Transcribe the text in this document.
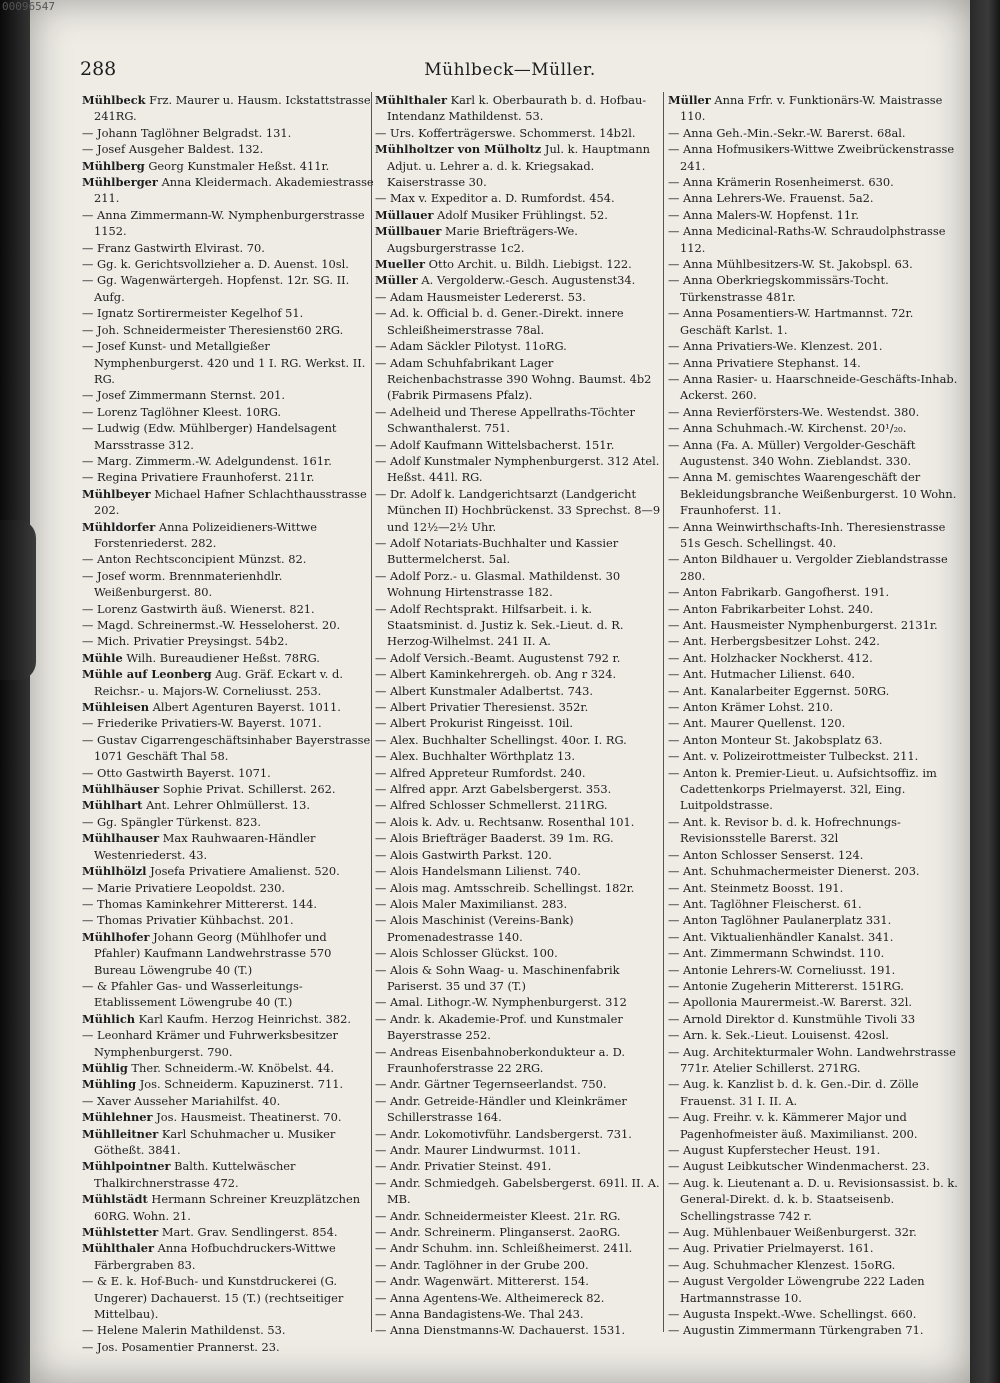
00096547
288	Mühlbeck—Müller.

Mühlbeck Frz. Maurer u. Hausm. Ickstattstrasse 241RG.

— Johann Taglöhner Belgradst. 131.

— Josef Ausgeher Baldest. 132.

Mühlberg Georg Kunstmaler Heßst. 411r.

Mühlberger Anna Kleidermach. Akademiestrasse 211.

— Anna Zimmermann-W. Nymphenburgerstrasse 1152.

— Franz Gastwirth Elvirast. 70.

— Gg. k. Gerichtsvollzieher a. D. Auenst. 10sl.

— Gg. Wagenwärtergeh. Hopfenst. 12r. SG. II. Aufg.

— Ignatz Sortirermeister Kegelhof 51.

— Joh. Schneidermeister Theresienst60 2RG.

— Josef Kunst- und Metallgießer Nymphenburgerst. 420 und 1 I. RG. Werkst. II. RG.

— Josef Zimmermann Sternst. 201.

— Lorenz Taglöhner Kleest. 10RG.

— Ludwig (Edw. Mühlberger) Handelsagent Marsstrasse 312.

— Marg. Zimmerm.-W. Adelgundenst. 161r.

— Regina Privatiere Fraunhoferst. 211r.

Mühlbeyer Michael Hafner Schlachthausstrasse 202.

Mühldorfer Anna Polizeidieners-Wittwe Forstenriederst. 282.

— Anton Rechtsconcipient Münzst. 82.

— Josef worm. Brennmaterienhdlr. Weißenburgerst. 80.

— Lorenz Gastwirth äuß. Wienerst. 821.

— Magd. Schreinermst.-W. Hesseloherst. 20.

— Mich. Privatier Preysingst. 54b2.

Mühle Wilh. Bureaudiener Heßst. 78RG.

Mühle auf Leonberg Aug. Gräf. Eckart v. d. Reichsr.- u. Majors-W. Corneliusst. 253.

Mühleisen Albert Agenturen Bayerst. 1011.

— Friederike Privatiers-W. Bayerst. 1071.

— Gustav Cigarrengeschäftsinhaber Bayerstrasse 1071 Geschäft Thal 58.

— Otto Gastwirth Bayerst. 1071.

Mühlhäuser Sophie Privat. Schillerst. 262.

Mühlhart Ant. Lehrer Ohlmüllerst. 13.

— Gg. Spängler Türkenst. 823.

Mühlhauser Max Rauhwaaren-Händler Westenriederst. 43.

Mühlhölzl Josefa Privatiere Amalienst. 520.

— Marie Privatiere Leopoldst. 230.

— Thomas Kaminkehrer Mittererst. 144.

— Thomas Privatier Kühbachst. 201.

Mühlhofer Johann Georg (Mühlhofer und Pfahler) Kaufmann Landwehrstrasse 570 Bureau Löwengrube 40 (T.)

— & Pfahler Gas- und Wasserleitungs-Etablissement Löwengrube 40 (T.)

Mühlich Karl Kaufm. Herzog Heinrichst. 382.

— Leonhard Krämer und Fuhrwerksbesitzer Nymphenburgerst. 790.

Mühlig Ther. Schneiderm.-W. Knöbelst. 44.

Mühling Jos. Schneiderm. Kapuzinerst. 711.

— Xaver Ausseher Mariahilfst. 40.

Mühlehner Jos. Hausmeist. Theatinerst. 70.

Mühlleitner Karl Schuhmacher u. Musiker Götheßt. 3841.

Mühlpointner Balth. Kuttelwäscher Thalkirchnerstrasse 472.

Mühlstädt Hermann Schreiner Kreuzplätzchen 60RG. Wohn. 21.

Mühlstetter Mart. Grav. Sendlingerst. 854.

Mühlthaler Anna Hofbuchdruckers-Wittwe Färbergraben 83.

— & E. k. Hof-Buch- und Kunstdruckerei (G. Ungerer) Dachauerst. 15 (T.) (rechtseitiger Mittelbau).

— Helene Malerin Mathildenst. 53.

— Jos. Posamentier Prannerst. 23.

Mühlthaler Karl k. Oberbaurath b. d. Hofbau-Intendanz Mathildenst. 53.

— Urs. Kofferträgerswe. Schommerst. 14b2l.

Mühlholtzer von Mülholtz Jul. k. Hauptmann Adjut. u. Lehrer a. d. k. Kriegsakad. Kaiserstrasse 30.

— Max v. Expeditor a. D. Rumfordst. 454.

Müllauer Adolf Musiker Frühlingst. 52.

Müllbauer Marie Briefträgers-We. Augsburgerstrasse 1c2.

Mueller Otto Archit. u. Bildh. Liebigst. 122.

Müller A. Vergolderw.-Gesch. Augustenst34.

— Adam Hausmeister Ledererst. 53.

— Ad. k. Official b. d. Gener.-Direkt. innere Schleißheimerstrasse 78al.

— Adam Säckler Pilotyst. 11oRG.

— Adam Schuhfabrikant Lager Reichenbachstrasse 390 Wohng. Baumst. 4b2 (Fabrik Pirmasens Pfalz).

— Adelheid und Therese Appellraths-Töchter Schwanthalerst. 751.

— Adolf Kaufmann Wittelsbacherst. 151r.

— Adolf Kunstmaler Nymphenburgerst. 312 Atel. Heßst. 441l. RG.

— Dr. Adolf k. Landgerichtsarzt (Landgericht München II) Hochbrückenst. 33 Sprechst. 8—9 und 12½—2½ Uhr.

— Adolf Notariats-Buchhalter und Kassier Buttermelcherst. 5al.

— Adolf Porz.- u. Glasmal. Mathildenst. 30 Wohnung Hirtenstrasse 182.

— Adolf Rechtsprakt. Hilfsarbeit. i. k. Staatsminist. d. Justiz k. Sek.-Lieut. d. R. Herzog-Wilhelmst. 241 II. A.

— Adolf Versich.-Beamt. Augustenst 792 r.

— Albert Kaminkehrergeh. ob. Ang r 324.

— Albert Kunstmaler Adalbertst. 743.

— Albert Privatier Theresienst. 352r.

— Albert Prokurist Ringeisst. 10il.

— Alex. Buchhalter Schellingst. 40or. I. RG.

— Alex. Buchhalter Wörthplatz 13.

— Alfred Appreteur Rumfordst. 240.

— Alfred appr. Arzt Gabelsbergerst. 353.

— Alfred Schlosser Schmellerst. 211RG.

— Alois k. Adv. u. Rechtsanw. Rosenthal 101.

— Alois Briefträger Baaderst. 39 1m. RG.

— Alois Gastwirth Parkst. 120.

— Alois Handelsmann Lilienst. 740.

— Alois mag. Amtsschreib. Schellingst. 182r.

— Alois Maler Maximilianst. 283.

— Alois Maschinist (Vereins-Bank) Promenadestrasse 140.

— Alois Schlosser Glückst. 100.

— Alois & Sohn Waag- u. Maschinenfabrik Pariserst. 35 und 37 (T.)

— Amal. Lithogr.-W. Nymphenburgerst. 312

— Andr. k. Akademie-Prof. und Kunstmaler Bayerstrasse 252.

— Andreas Eisenbahnoberkondukteur a. D. Fraunhoferstrasse 22 2RG.

— Andr. Gärtner Tegernseerlandst. 750.

— Andr. Getreide-Händler und Kleinkrämer Schillerstrasse 164.

— Andr. Lokomotivführ. Landsbergerst. 731.

— Andr. Maurer Lindwurmst. 1011.

— Andr. Privatier Steinst. 491.

— Andr. Schmiedgeh. Gabelsbergerst. 691l. II. A. MB.

— Andr. Schneidermeister Kleest. 21r. RG.

— Andr. Schreinerm. Plinganserst. 2aoRG.

— Andr Schuhm. inn. Schleißheimerst. 241l.

— Andr. Taglöhner in der Grube 200.

— Andr. Wagenwärt. Mittererst. 154.

— Anna Agentens-We. Altheimereck 82.

— Anna Bandagistens-We. Thal 243.

— Anna Dienstmanns-W. Dachauerst. 1531.

Müller Anna Frfr. v. Funktionärs-W. Maistrasse 110.

— Anna Geh.-Min.-Sekr.-W. Barerst. 68al.

— Anna Hofmusikers-Wittwe Zweibrückenstrasse 241.

— Anna Krämerin Rosenheimerst. 630.

— Anna Lehrers-We. Frauenst. 5a2.

— Anna Malers-W. Hopfenst. 11r.

— Anna Medicinal-Raths-W. Schraudolphstrasse 112.

— Anna Mühlbesitzers-W. St. Jakobspl. 63.

— Anna Oberkriegskommissärs-Tocht. Türkenstrasse 481r.

— Anna Posamentiers-W. Hartmannst. 72r. Geschäft Karlst. 1.

— Anna Privatiers-We. Klenzest. 201.

— Anna Privatiere Stephanst. 14.

— Anna Rasier- u. Haarschneide-Geschäfts-Inhab. Ackerst. 260.

— Anna Revierförsters-We. Westendst. 380.

— Anna Schuhmach.-W. Kirchenst. 20¹/₂₀.

— Anna (Fa. A. Müller) Vergolder-Geschäft Augustenst. 340 Wohn. Zieblandst. 330.

— Anna M. gemischtes Waarengeschäft der Bekleidungsbranche Weißenburgerst. 10 Wohn. Fraunhoferst. 11.

— Anna Weinwirthschafts-Inh. Theresienstrasse 51s Gesch. Schellingst. 40.

— Anton Bildhauer u. Vergolder Zieblandstrasse 280.

— Anton Fabrikarb. Gangofherst. 191.

— Anton Fabrikarbeiter Lohst. 240.

— Ant. Hausmeister Nymphenburgerst. 2131r.

— Ant. Herbergsbesitzer Lohst. 242.

— Ant. Holzhacker Nockherst. 412.

— Ant. Hutmacher Lilienst. 640.

— Ant. Kanalarbeiter Eggernst. 50RG.

— Anton Krämer Lohst. 210.

— Ant. Maurer Quellenst. 120.

— Anton Monteur St. Jakobsplatz 63.

— Ant. v. Polizeirottmeister Tulbeckst. 211.

— Anton k. Premier-Lieut. u. Aufsichtsoffiz. im Cadettenkorps Prielmayerst. 32l, Eing. Luitpoldstrasse.

— Ant. k. Revisor b. d. k. Hofrechnungs-Revisionsstelle Barerst. 32l

— Anton Schlosser Senserst. 124.

— Ant. Schuhmachermeister Dienerst. 203.

— Ant. Steinmetz Boosst. 191.

— Ant. Taglöhner Fleischerst. 61.

— Anton Taglöhner Paulanerplatz 331.

— Ant. Viktualienhändler Kanalst. 341.

— Ant. Zimmermann Schwindst. 110.

— Antonie Lehrers-W. Corneliusst. 191.

— Antonie Zugeherin Mittererst. 151RG.

— Apollonia Maurermeist.-W. Barerst. 32l.

— Arnold Direktor d. Kunstmühle Tivoli 33

— Arn. k. Sek.-Lieut. Louisenst. 42osl.

— Aug. Architekturmaler Wohn. Landwehrstrasse 771r. Atelier Schillerst. 271RG.

— Aug. k. Kanzlist b. d. k. Gen.-Dir. d. Zölle Frauenst. 31 I. II. A.

— Aug. Freihr. v. k. Kämmerer Major und Pagenhofmeister äuß. Maximilianst. 200.

— August Kupferstecher Heust. 191.

— August Leibkutscher Windenmacherst. 23.

— Aug. k. Lieutenant a. D. u. Revisionsassist. b. k. General-Direkt. d. k. b. Staatseisenb. Schellingstrasse 742 r.

— Aug. Mühlenbauer Weißenburgerst. 32r.

— Aug. Privatier Prielmayerst. 161.

— Aug. Schuhmacher Klenzest. 15oRG.

— August Vergolder Löwengrube 222 Laden Hartmannstrasse 10.

— Augusta Inspekt.-Wwe. Schellingst. 660.

— Augustin Zimmermann Türkengraben 71.
